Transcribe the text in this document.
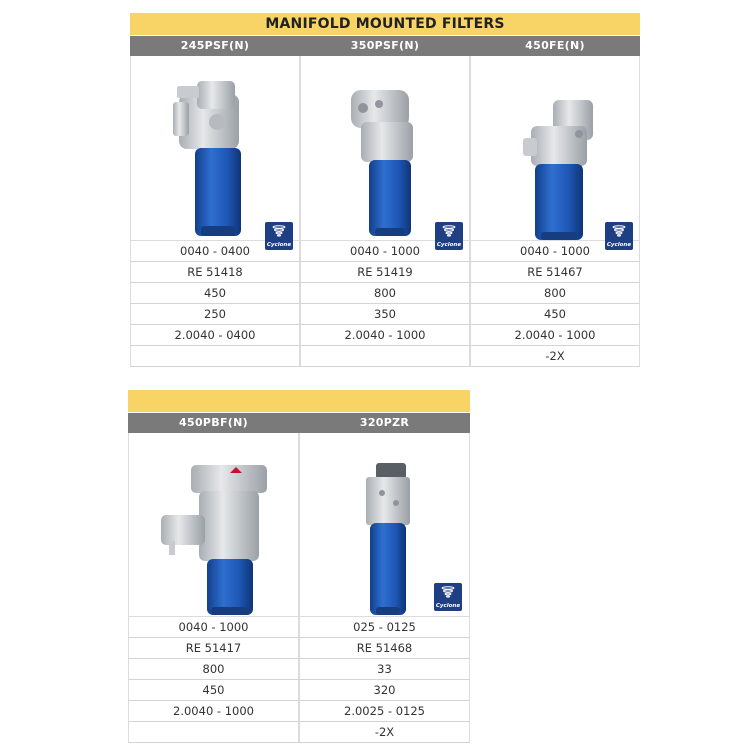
MANIFOLD MOUNTED FILTERS
245PSF(N)
Cyclone
0040 - 0400
RE 51418
450
250
2.0040 - 0400
350PSF(N)
Cyclone
0040 - 1000
RE 51419
800
350
2.0040 - 1000
450FE(N)
Cyclone
0040 - 1000
RE 51467
800
450
2.0040 - 1000
-2X
450PBF(N)
0040 - 1000
RE 51417
800
450
2.0040 - 1000
320PZR
Cyclone
025 - 0125
RE 51468
33
320
2.0025 - 0125
-2X
